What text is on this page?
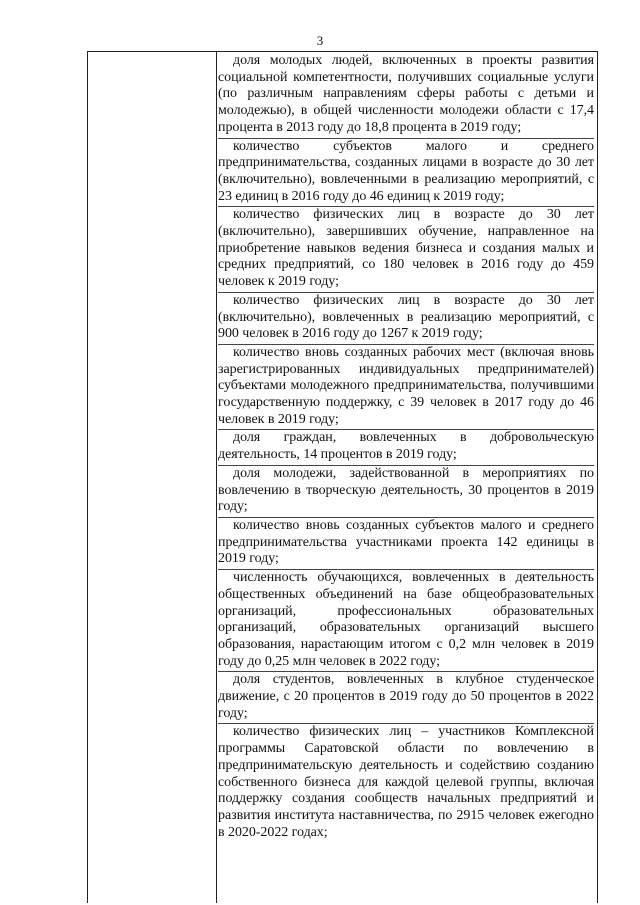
3

доля молодых людей, включенных в проекты развития социальной компетентности, получивших социальные услуги (по различным направлениям сферы работы с детьми и молодежью), в общей численности молодежи области с 17,4 процента в 2013 году до 18,8 процента в 2019 году;

количество субъектов малого и среднего предпринимательства, созданных лицами в возрасте до 30 лет (включительно), вовлеченными в реализацию мероприятий, с 23 единиц в 2016 году до 46 единиц к 2019 году;

количество физических лиц в возрасте до 30 лет (включительно), завершивших обучение, направленное на приобретение навыков ведения бизнеса и создания малых и средних предприятий, со 180 человек в 2016 году до 459 человек к 2019 году;

количество физических лиц в возрасте до 30 лет (включительно), вовлеченных в реализацию мероприятий, с 900 человек в 2016 году до 1267 к 2019 году;

количество вновь созданных рабочих мест (включая вновь зарегистрированных индивидуальных предпринимателей) субъектами молодежного предпринимательства, получившими государственную поддержку, с 39 человек в 2017 году до 46 человек в 2019 году;

доля граждан, вовлеченных в добровольческую деятельность, 14 процентов в 2019 году;

доля молодежи, задействованной в мероприятиях по вовлечению в творческую деятельность, 30 процентов в 2019 году;

количество вновь созданных субъектов малого и среднего предпринимательства участниками проекта 142 единицы в 2019 году;

численность обучающихся, вовлеченных в деятельность общественных объединений на базе общеобразовательных организаций, профессиональных образовательных организаций, образовательных организаций высшего образования, нарастающим итогом с 0,2 млн человек в 2019 году до 0,25 млн человек в 2022 году;

доля студентов, вовлеченных в клубное студенческое движение, с 20 процентов в 2019 году до 50 процентов в 2022 году;

количество физических лиц – участников Комплексной программы Саратовской области по вовлечению в предпринимательскую деятельность и содействию созданию собственного бизнеса для каждой целевой группы, включая поддержку создания сообществ начальных предприятий и развития института наставничества, по 2915 человек ежегодно в 2020-2022 годах;
